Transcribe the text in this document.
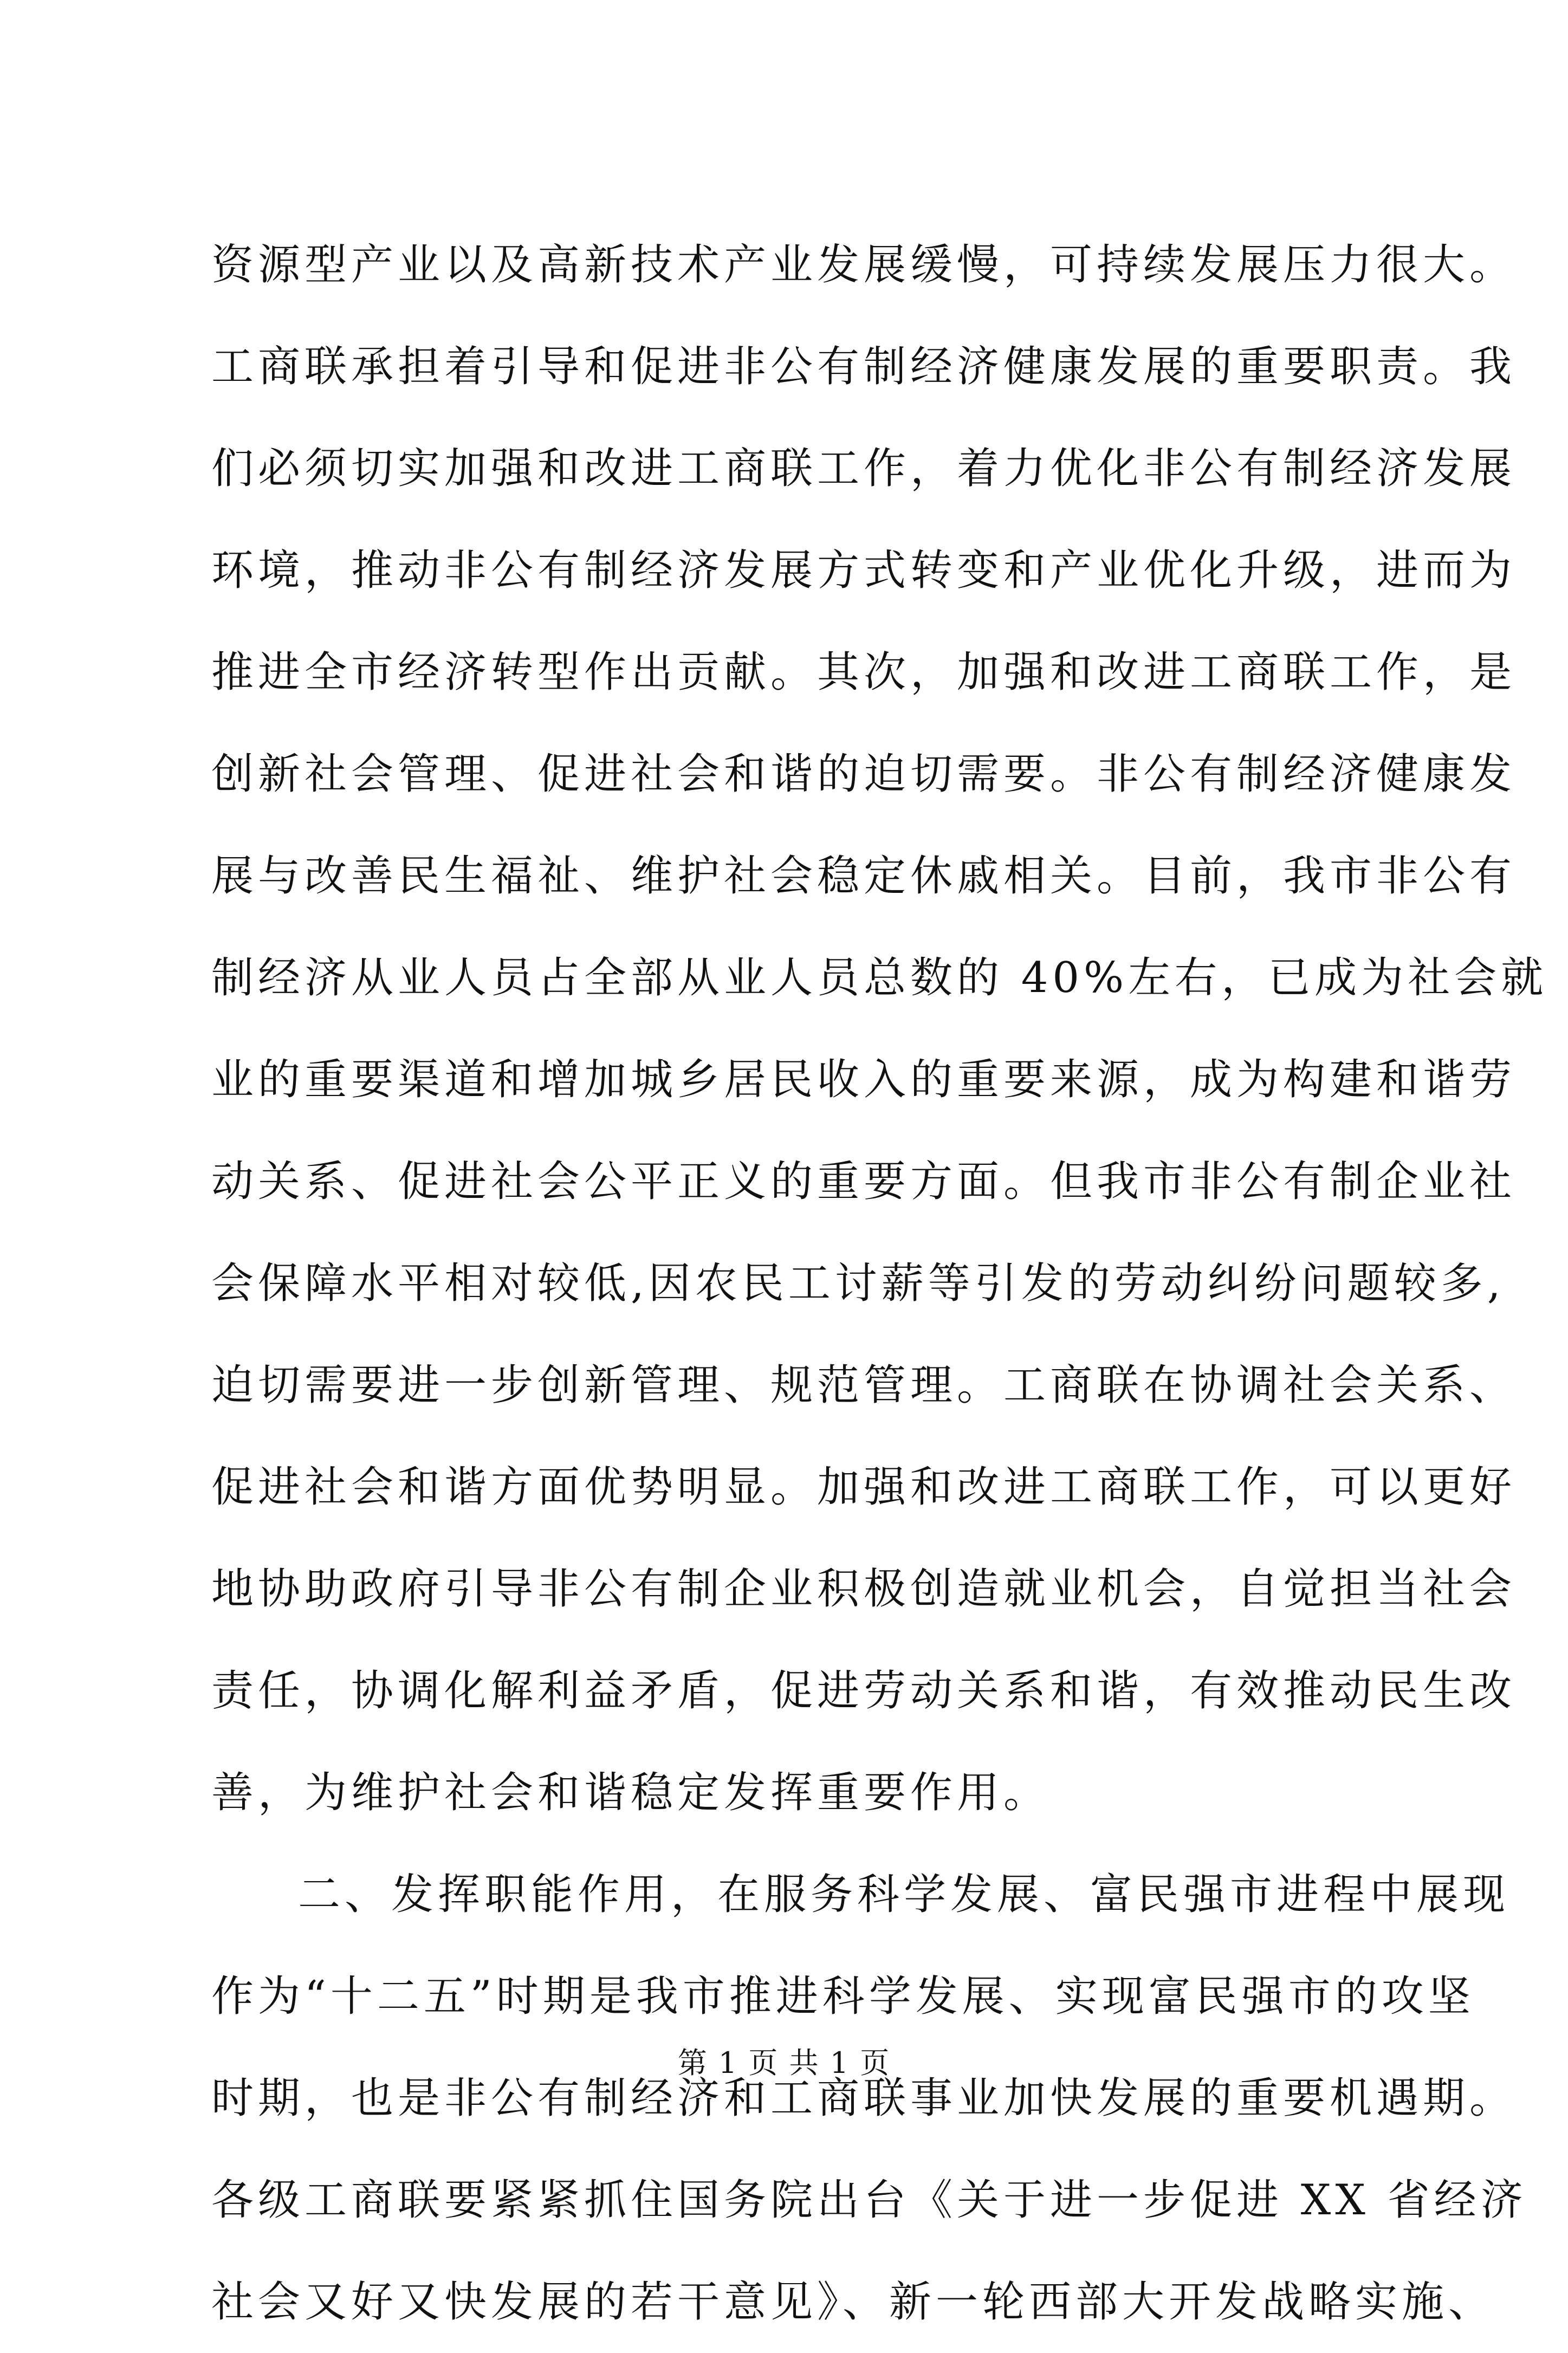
资源型产业以及高新技术产业发展缓慢，可持续发展压力很大。
工商联承担着引导和促进非公有制经济健康发展的重要职责。我
们必须切实加强和改进工商联工作，着力优化非公有制经济发展
环境，推动非公有制经济发展方式转变和产业优化升级，进而为
推进全市经济转型作出贡献。其次，加强和改进工商联工作，是
创新社会管理、促进社会和谐的迫切需要。非公有制经济健康发
展与改善民生福祉、维护社会稳定休戚相关。目前，我市非公有
制经济从业人员占全部从业人员总数的 40%左右，已成为社会就
业的重要渠道和增加城乡居民收入的重要来源，成为构建和谐劳
动关系、促进社会公平正义的重要方面。但我市非公有制企业社
会保障水平相对较低,因农民工讨薪等引发的劳动纠纷问题较多,
迫切需要进一步创新管理、规范管理。工商联在协调社会关系、
促进社会和谐方面优势明显。加强和改进工商联工作，可以更好
地协助政府引导非公有制企业积极创造就业机会，自觉担当社会
责任，协调化解利益矛盾，促进劳动关系和谐，有效推动民生改
善，为维护社会和谐稳定发挥重要作用。
二、发挥职能作用，在服务科学发展、富民强市进程中展现
作为“十二五”时期是我市推进科学发展、实现富民强市的攻坚
时期，也是非公有制经济和工商联事业加快发展的重要机遇期。
各级工商联要紧紧抓住国务院出台《关于进一步促进 XX 省经济
社会又好又快发展的若干意见》、新一轮西部大开发战略实施、
第 1 页 共 1 页
